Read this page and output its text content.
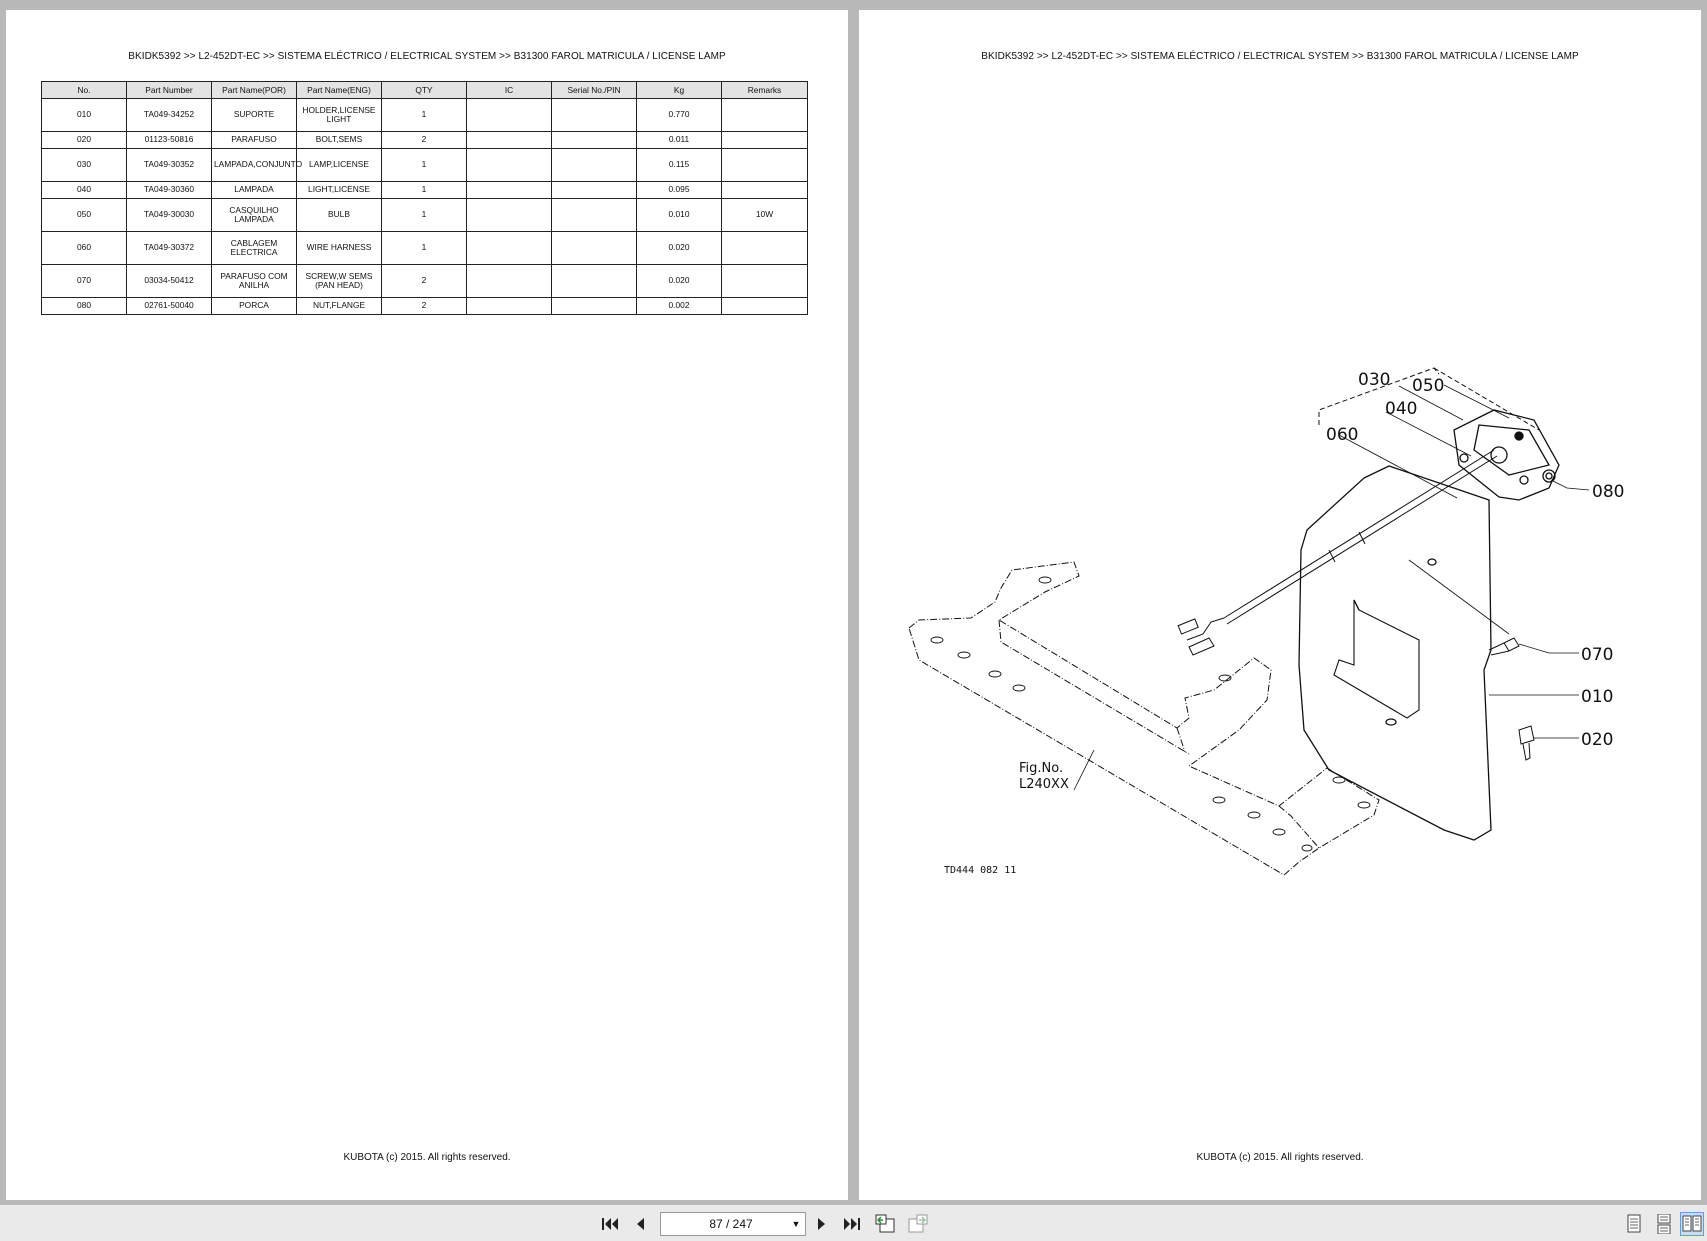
BKIDK5392 >> L2-452DT-EC >> SISTEMA ELÉCTRICO / ELECTRICAL SYSTEM >> B31300 FAROL MATRICULA / LICENSE LAMP
No.	Part Number	Part Name(POR)	Part Name(ENG)	QTY	IC	Serial No./PIN	Kg	Remarks
010	TA049-34252	SUPORTE	HOLDER,LICENSE LIGHT	1			0.770	
020	01123-50816	PARAFUSO	BOLT,SEMS	2			0.011	
030	TA049-30352	LAMPADA,CONJUNTO	LAMP,LICENSE	1			0.115	
040	TA049-30360	LAMPADA	LIGHT,LICENSE	1			0.095	
050	TA049-30030	CASQUILHO LAMPADA	BULB	1			0.010	10W
060	TA049-30372	CABLAGEM ELECTRICA	WIRE HARNESS	1			0.020	
070	03034-50412	PARAFUSO COM ANILHA	SCREW,W SEMS (PAN HEAD)	2			0.020	
080	02761-50040	PORCA	NUT,FLANGE	2			0.002	
KUBOTA (c) 2015. All rights reserved.
BKIDK5392 >> L2-452DT-EC >> SISTEMA ELÉCTRICO / ELECTRICAL SYSTEM >> B31300 FAROL MATRICULA / LICENSE LAMP
030 050
040
060
080
070
010
020
Fig.No.
L240XX
TD444 082 11
KUBOTA (c) 2015. All rights reserved.
87 / 247	▼
